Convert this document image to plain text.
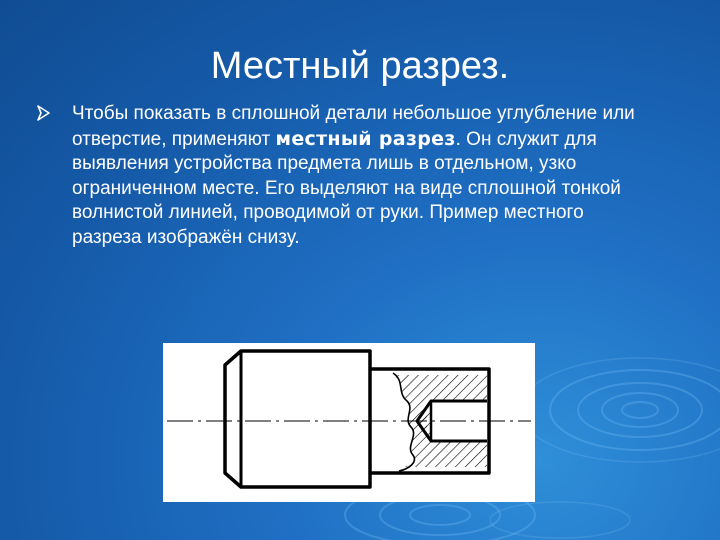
Местный разрез.
Чтобы показать в сплошной детали небольшое углубление или отверстие, применяют местный разрез. Он служит для выявления устройства предмета лишь в отдельном, узко ограниченном месте. Его выделяют на виде сплошной тонкой волнистой линией, проводимой от руки. Пример местного разреза изображён снизу.
